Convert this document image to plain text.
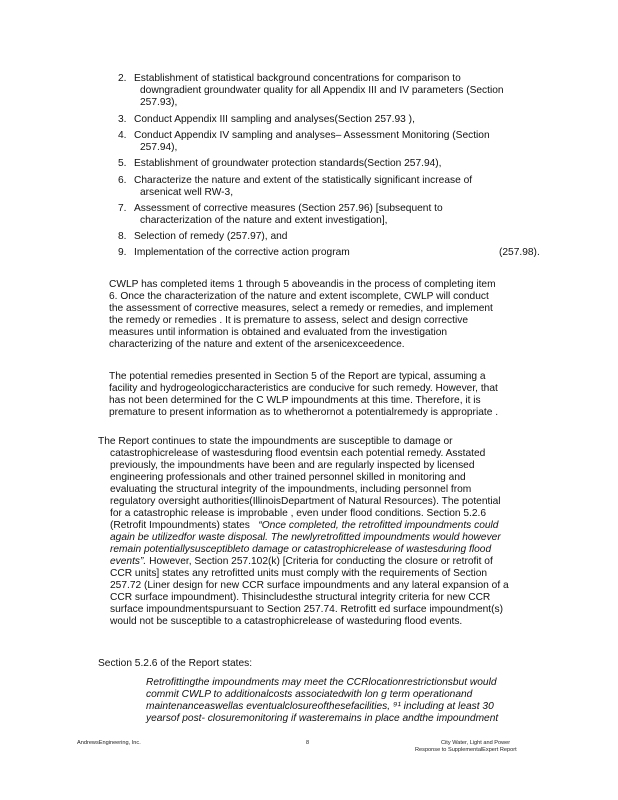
2. Establishment of statistical background concentrations for comparison to
downgradient groundwater quality for all Appendix III and IV parameters (Section 257.93),
3. Conduct Appendix III sampling and analyses(Section 257.93 ),
4. Conduct Appendix IV sampling and analyses– Assessment Monitoring (Section
257.94),
5. Establishment of groundwater protection standards(Section 257.94),
6. Characterize the nature and extent of the statistically significant increase of
arsenicat well RW-3,
7. Assessment of corrective measures (Section 257.96) [subsequent to
characterization of the nature and extent investigation],
8. Selection of remedy (257.97), and
9. Implementation of the corrective action program	(257.98).
CWLP has completed items 1 through 5 aboveandis in the process of completing item
6. Once the characterization of the nature and extent iscomplete, CWLP will conduct
the assessment of corrective measures, select a remedy or remedies, and implement
the remedy or remedies . It is premature to assess, select and design corrective
measures until information is obtained and evaluated from the investigation
characterizing of the nature and extent of the arsenicexceedence.
The potential remedies presented in Section 5 of the Report are typical, assuming a
facility and hydrogeologiccharacteristics are conducive for such remedy. However, that
has not been determined for the C WLP impoundments at this time. Therefore, it is
premature to present information as to whetherornot a potentialremedy is appropriate .
The Report continues to state the impoundments are susceptible to damage or
catastrophicrelease of wastesduring flood eventsin each potential remedy. Asstated
previously, the impoundments have been and are regularly inspected by licensed
engineering professionals and other trained personnel skilled in monitoring and
evaluating the structural integrity of the impoundments, including personnel from
regulatory oversight authorities(IllinoisDepartment of Natural Resources). The potential
for a catastrophic release is improbable , even under flood conditions. Section 5.2.6
(Retrofit Impoundments) states “Once completed, the retrofitted impoundments could
again be utilizedfor waste disposal. The newlyretrofitted impoundments would however
remain potentiallysusceptibleto damage or catastrophicrelease of wastesduring flood
events”. However, Section 257.102(k) [Criteria for conducting the closure or retrofit of
CCR units] states any retrofitted units must comply with the requirements of Section
257.72 (Liner design for new CCR surface impoundments and any lateral expansion of a
CCR surface impoundment). Thisincludesthe structural integrity criteria for new CCR
surface impoundmentspursuant to Section 257.74. Retrofitt ed surface impoundment(s)
would not be susceptible to a catastrophicrelease of wasteduring flood events.
Section 5.2.6 of the Report states:
Retrofittingthe impoundments may meet the CCRlocationrestrictionsbut would
commit CWLP to additionalcosts associatedwith lon g term operationand
maintenanceaswellas eventualclosureofthesefacilities, ⁹¹ including at least 30
yearsof post- closuremonitoring if wasteremains in place andthe impoundment
AndrewsEngineering, Inc.	8	City Water, Light and Power
Response to SupplementalExpert Report
